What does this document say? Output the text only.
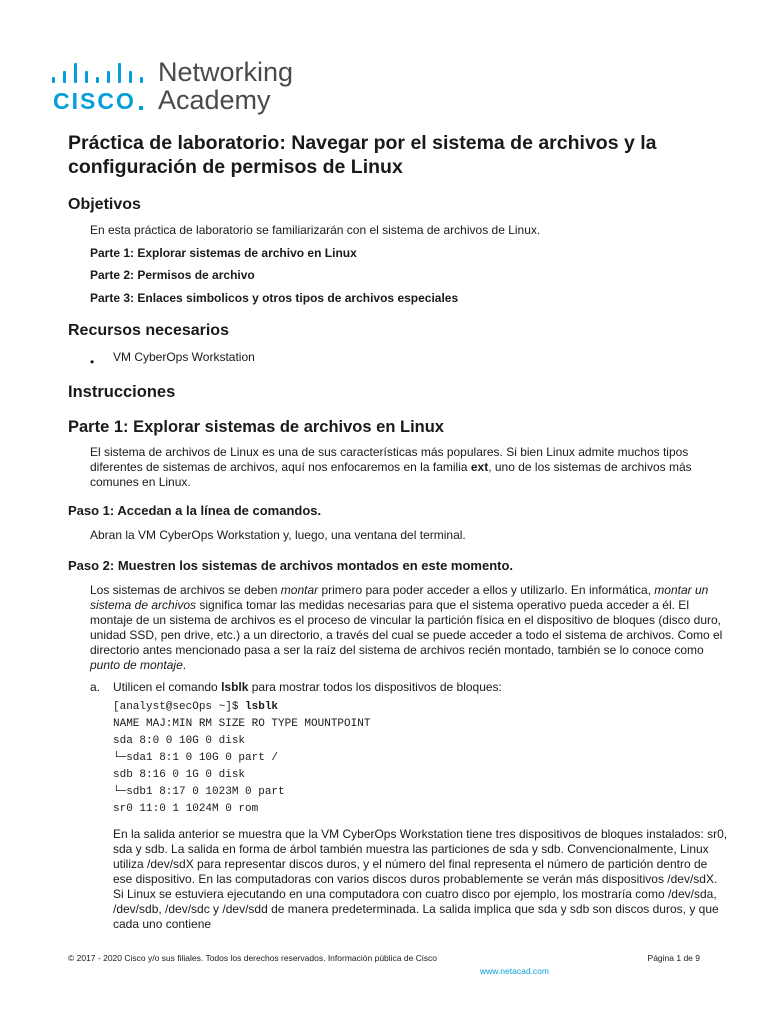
CISCO
Networking
Academy
Práctica de laboratorio: Navegar por el sistema de archivos y la configuración de permisos de Linux
Objetivos

En esta práctica de laboratorio se familiarizarán con el sistema de archivos de Linux.

Parte 1: Explorar sistemas de archivo en Linux

Parte 2: Permisos de archivo

Parte 3: Enlaces simbolicos y otros tipos de archivos especiales

Recursos necesarios
• VM CyberOps Workstation

Instrucciones
Parte 1: Explorar sistemas de archivos en Linux

El sistema de archivos de Linux es una de sus características más populares. Si bien Linux admite muchos tipos diferentes de sistemas de archivos, aquí nos enfocaremos en la familia ext, uno de los sistemas de archivos más comunes en Linux.

Paso 1: Accedan a la línea de comandos.

Abran la VM CyberOps Workstation y, luego, una ventana del terminal.

Paso 2: Muestren los sistemas de archivos montados en este momento.

Los sistemas de archivos se deben montar primero para poder acceder a ellos y utilizarlo. En informática, montar un sistema de archivos significa tomar las medidas necesarias para que el sistema operativo pueda acceder a él. El montaje de un sistema de archivos es el proceso de vincular la partición física en el dispositivo de bloques (disco duro, unidad SSD, pen drive, etc.) a un directorio, a través del cual se puede acceder a todo el sistema de archivos. Como el directorio antes mencionado pasa a ser la raíz del sistema de archivos recién montado, también se lo conoce como punto de montaje.

a. Utilicen el comando lsblk para mostrar todos los dispositivos de bloques:

[analyst@secOps ~]$ lsblk
NAME MAJ:MIN RM SIZE RO TYPE MOUNTPOINT
sda 8:0 0 10G 0 disk
└─sda1 8:1 0 10G 0 part /
sdb 8:16 0 1G 0 disk
└─sdb1 8:17 0 1023M 0 part
sr0 11:0 1 1024M 0 rom

En la salida anterior se muestra que la VM CyberOps Workstation tiene tres dispositivos de bloques instalados: sr0, sda y sdb. La salida en forma de árbol también muestra las particiones de sda y sdb. Convencionalmente, Linux utiliza /dev/sdX para representar discos duros, y el número del final representa el número de partición dentro de ese dispositivo. En las computadoras con varios discos duros probablemente se verán más dispositivos /dev/sdX. Si Linux se estuviera ejecutando en una computadora con cuatro disco por ejemplo, los mostraría como /dev/sda, /dev/sdb, /dev/sdc y /dev/sdd de manera predeterminada. La salida implica que sda y sdb son discos duros, y que cada uno contiene

© 2017 - 2020 Cisco y/o sus filiales. Todos los derechos reservados. Información pública de Cisco	Página 1 de 9
www.netacad.com
